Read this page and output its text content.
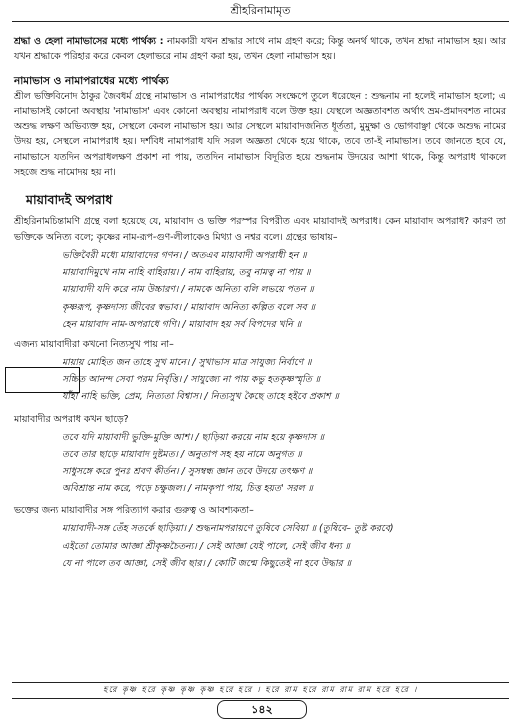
শ্রীহরিনামামৃত

শ্রদ্ধা ও হেলা নামাভাসের মধ্যে পার্থক্য : নামকারী যখন শ্রদ্ধার সাথে নাম গ্রহণ করে; কিন্তু অনর্থ থাকে, তখন শ্রদ্ধা নামাভাস হয়। আর যখন শ্রদ্ধাকে পরিহার করে কেবল হেলাভরে নাম গ্রহণ করা হয়, তখন হেলা নামাভাস হয়।

নামাভাস ও নামাপরাধের মধ্যে পার্থক্য

শ্রীল ভক্তিবিনোদ ঠাকুর জৈবধর্ম গ্রন্থে নামাভাস ও নামাপরাধের পার্থক্য সংক্ষেপে তুলে ধরেছেন : শুদ্ধনাম না হলেই নামাভাস হলো; এ নামাভাসই কোনো অবস্থায় 'নামাভাস' এবং কোনো অবস্থায় নামাপরাধ বলে উক্ত হয়। যেস্থলে অজ্ঞতাবশত অর্থাৎ ভ্রম-প্রমাদবশত নামের অশুদ্ধ লক্ষণ অভিব্যক্ত হয়, সেস্থলে কেবল নামাভাস হয়। আর সেস্থলে মায়াবাদজনিত ধূর্ততা, মুমুক্ষা ও ভোগবাঞ্ছা থেকে অশুদ্ধ নামের উদয় হয়, সেস্থলে নামাপরাধ হয়। দর্শবিধ নামাপরাধ যদি সরল অজ্ঞতা থেকে হয়ে থাকে, তবে তা-ই নামাভাস। তবে জানতে হবে যে, নামাভাসে যতদিন অপরাধলক্ষণ প্রকাশ না পায়, ততদিন নামাভাস বিদূরিত হয়ে শুদ্ধনাম উদয়ের আশা থাকে, কিন্তু অপরাধ থাকলে সহজে শুদ্ধ নামোদয় হয় না।

মায়াবাদই অপরাধ

শ্রীহরিনামচিন্তামণি গ্রন্থে বলা হয়েছে যে, মায়াবাদ ও ভক্তি পরস্পর বিপরীত এবং মায়াবাদই অপরাধ। কেন মায়াবাদ অপরাধ? কারণ তা ভক্তিকে অনিত্য বলে; কৃষ্ণের নাম-রূপ-গুণ-লীলাকেও মিথ্যা ও নশ্বর বলে। গ্রন্থের ভাষায়–

ভক্তিবৈরী মধ্যে মায়াবাদের গণন। / অতএব মায়াবাদী অপরাধী হন ॥
মায়াবাদিমুখে নাম নাহি বাহিরায়। / নাম বাহিরায়, তবু নামত্ব না পায় ॥
মায়াবাদী যদি করে নাম উচ্চারণ। / নামকে অনিত্য বলি লভয়ে পতন ॥
কৃষ্ণরূপ, কৃষ্ণদাস্য জীবের স্বভাব। / মায়াবাদ অনিত্য কল্পিত বলে সব ॥
হেন মায়াবাদ নাম-অপরাধে গণি। / মায়াবাদ হয় সর্ব বিপদের খনি ॥
এজন্য মায়াবাদীরা কখনো নিত্যসুখ পায় না–
মায়ায় মোহিত জন তাহে সুখ মানে। / সুখাভাস মাত্র সাযুজ্য নির্বাণে ॥
সচ্চিত আনন্দ সেবা পরম নির্বৃত্তি। / সাযুজ্যে না পায় কভু হতকৃষ্ণস্মৃতি ॥
যাঁহা নাহি ভক্তি, প্রেম, নিত্যতা বিশ্বাস। / নিত্যসুখ কৈছে তাহে হইবে প্রকাশ ॥
মায়াবাদীর অপরাধ কখন ছাড়ে?
তবে যদি মায়াবাদী ভুক্তি-মুক্তি আশ। / ছাড়িয়া করয়ে নাম হয়ে কৃষ্ণদাস ॥
তবে তার ছাড়ে মায়াবাদ দুষ্টমত। / অনুতাপ সহ হয় নামে অনুগত ॥
সাধুসঙ্গে করে পুনঃ শ্রবণ কীর্তন। / সুসম্বন্ধ জ্ঞান তবে উদয়ে তৎক্ষণ ॥
অবিশ্রান্ত নাম করে, পড়ে চক্ষুজল। / নামকৃপা পায়, চিত্ত হয়ত' সরল ॥
ভক্তের জন্য মায়াবাদীর সঙ্গ পরিত্যাগ করার গুরুত্ব ও আবশ্যকতা–
মায়াবাদী-সঙ্গ তেঁহ সতর্কে ছাড়িয়া। / শুদ্ধনামপরায়ণে তুষিবে সেবিয়া ॥ (তুষিবে– তুষ্ট করবে)
এইতো তোমার আজ্ঞা শ্রীকৃষ্ণচৈতন্য। / সেই আজ্ঞা যেই পালে, সেই জীব ধন্য ॥
যে না পালে তব আজ্ঞা, সেই জীব ছার। / কোটি জন্মে কিছুতেই না হবে উদ্ধার ॥
হরে কৃষ্ণ হরে কৃষ্ণ কৃষ্ণ কৃষ্ণ হরে হরে । হরে রাম হরে রাম রাম রাম হরে হরে ।
১৪২
